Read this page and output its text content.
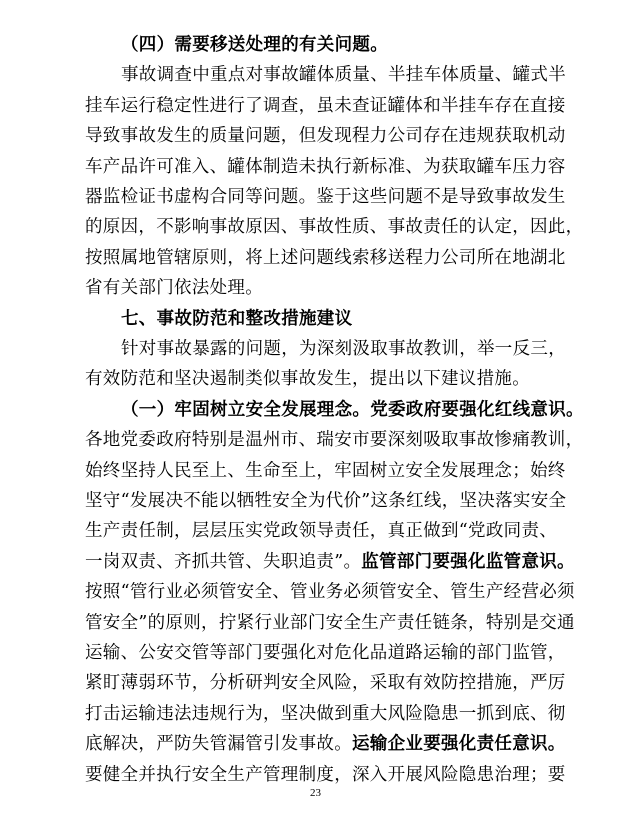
（四）需要移送处理的有关问题。
事故调查中重点对事故罐体质量、半挂车体质量、罐式半
挂车运行稳定性进行了调查，虽未查证罐体和半挂车存在直接
导致事故发生的质量问题，但发现程力公司存在违规获取机动
车产品许可准入、罐体制造未执行新标准、为获取罐车压力容
器监检证书虚构合同等问题。鉴于这些问题不是导致事故发生
的原因，不影响事故原因、事故性质、事故责任的认定，因此，
按照属地管辖原则，将上述问题线索移送程力公司所在地湖北
省有关部门依法处理。
七、事故防范和整改措施建议
针对事故暴露的问题，为深刻汲取事故教训，举一反三，
有效防范和坚决遏制类似事故发生，提出以下建议措施。
（一）牢固树立安全发展理念。党委政府要强化红线意识。
各地党委政府特别是温州市、瑞安市要深刻吸取事故惨痛教训，
始终坚持人民至上、生命至上，牢固树立安全发展理念；始终
坚守“发展决不能以牺牲安全为代价”这条红线，坚决落实安全
生产责任制，层层压实党政领导责任，真正做到“党政同责、
一岗双责、齐抓共管、失职追责”。监管部门要强化监管意识。
按照“管行业必须管安全、管业务必须管安全、管生产经营必须
管安全”的原则，拧紧行业部门安全生产责任链条，特别是交通
运输、公安交管等部门要强化对危化品道路运输的部门监管，
紧盯薄弱环节，分析研判安全风险，采取有效防控措施，严厉
打击运输违法违规行为，坚决做到重大风险隐患一抓到底、彻
底解决，严防失管漏管引发事故。运输企业要强化责任意识。
23
要健全并执行安全生产管理制度，深入开展风险隐患治理；要
